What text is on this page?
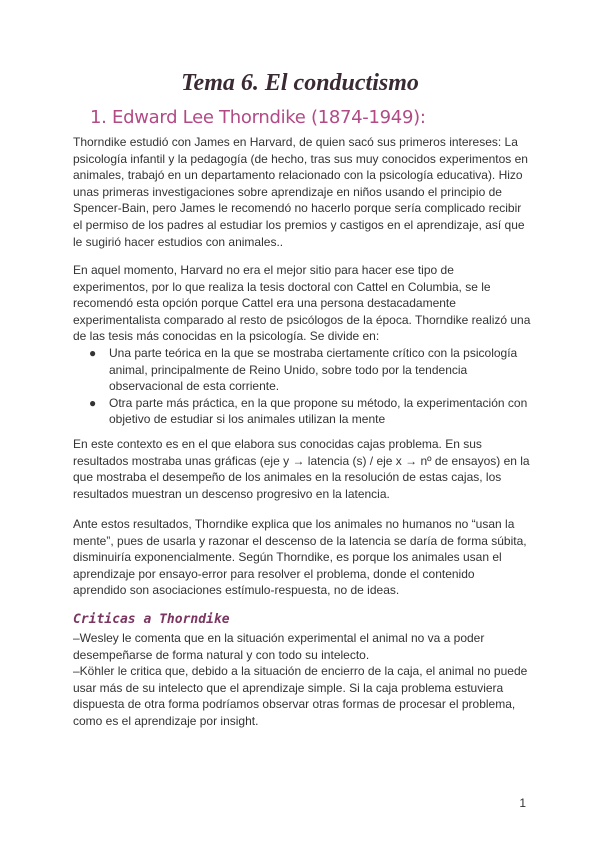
Tema 6. El conductismo
1. Edward Lee Thorndike (1874-1949):

Thorndike estudió con James en Harvard, de quien sacó sus primeros intereses: La psicología infantil y la pedagogía (de hecho, tras sus muy conocidos experimentos en animales, trabajó en un departamento relacionado con la psicología educativa). Hizo unas primeras investigaciones sobre aprendizaje en niños usando el principio de Spencer-Bain, pero James le recomendó no hacerlo porque sería complicado recibir el permiso de los padres al estudiar los premios y castigos en el aprendizaje, así que le sugirió hacer estudios con animales..

En aquel momento, Harvard no era el mejor sitio para hacer ese tipo de experimentos, por lo que realiza la tesis doctoral con Cattel en Columbia, se le recomendó esta opción porque Cattel era una persona destacadamente experimentalista comparado al resto de psicólogos de la época. Thorndike realizó una de las tesis más conocidas en la psicología. Se divide en:

● Una parte teórica en la que se mostraba ciertamente crítico con la psicología animal, principalmente de Reino Unido, sobre todo por la tendencia observacional de esta corriente.
● Otra parte más práctica, en la que propone su método, la experimentación con objetivo de estudiar si los animales utilizan la mente

En este contexto es en el que elabora sus conocidas cajas problema. En sus resultados mostraba unas gráficas (eje y → latencia (s) / eje x → nº de ensayos) en la que mostraba el desempeño de los animales en la resolución de estas cajas, los resultados muestran un descenso progresivo en la latencia.

Ante estos resultados, Thorndike explica que los animales no humanos no “usan la mente”, pues de usarla y razonar el descenso de la latencia se daría de forma súbita, disminuiría exponencialmente. Según Thorndike, es porque los animales usan el aprendizaje por ensayo-error para resolver el problema, donde el contenido aprendido son asociaciones estímulo-respuesta, no de ideas.

Criticas a Thorndike

–Wesley le comenta que en la situación experimental el animal no va a poder desempeñarse de forma natural y con todo su intelecto.

–Köhler le critica que, debido a la situación de encierro de la caja, el animal no puede usar más de su intelecto que el aprendizaje simple. Si la caja problema estuviera dispuesta de otra forma podríamos observar otras formas de procesar el problema, como es el aprendizaje por insight.

1
